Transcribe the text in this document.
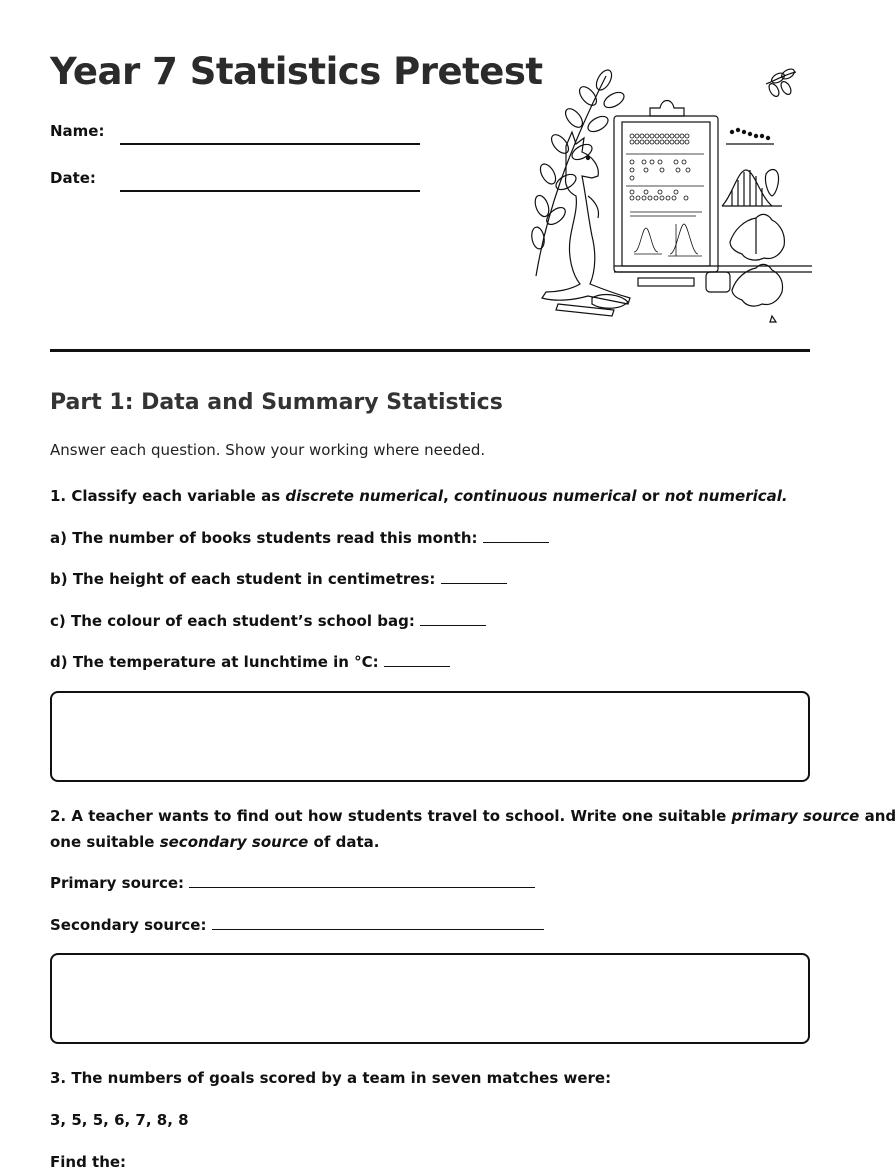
Year 7 Statistics Pretest
Name:
Date:
Part 1: Data and Summary Statistics
Answer each question. Show your working where needed.
1. Classify each variable as discrete numerical, continuous numerical or not numerical.
a) The number of books students read this month:
b) The height of each student in centimetres:
c) The colour of each student’s school bag:
d) The temperature at lunchtime in °C:
2. A teacher wants to find out how students travel to school. Write one suitable primary source and
one suitable secondary source of data.
Primary source:
Secondary source:
3. The numbers of goals scored by a team in seven matches were:
3, 5, 5, 6, 7, 8, 8
Find the:
